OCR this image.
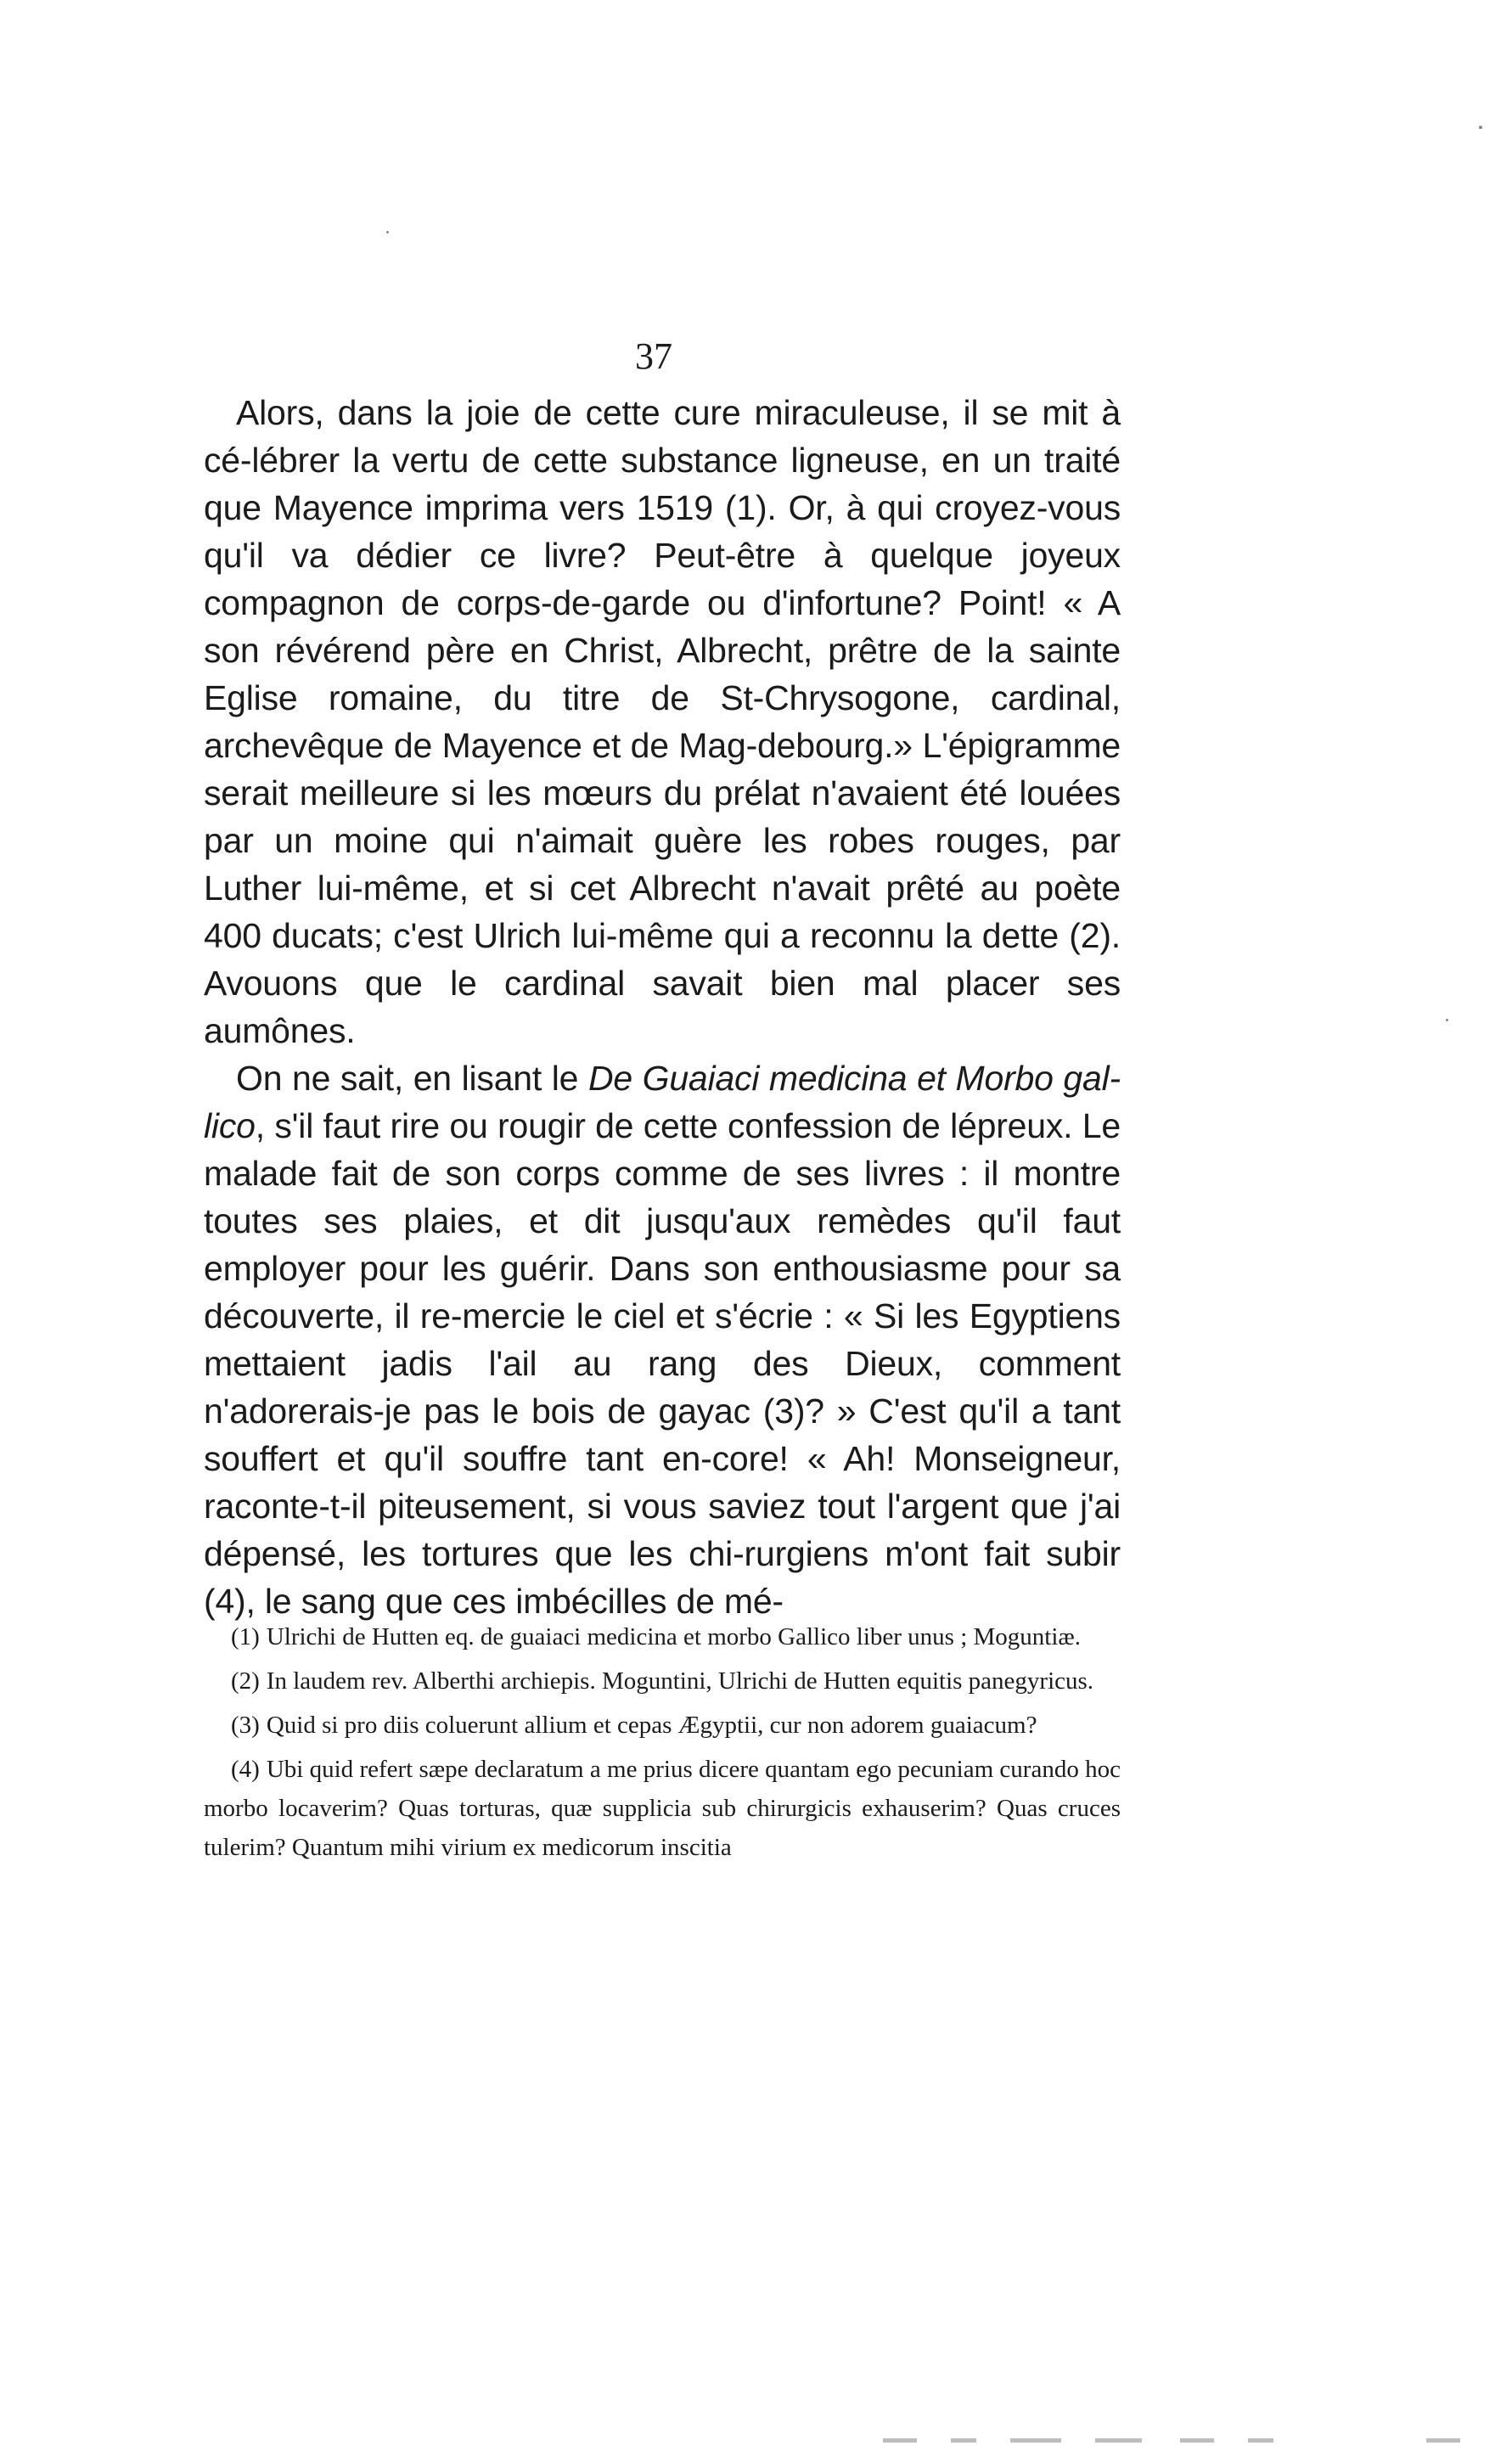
37

Alors, dans la joie de cette cure miraculeuse, il se mit à cé-lébrer la vertu de cette substance ligneuse, en un traité que Mayence imprima vers 1519 (1). Or, à qui croyez-vous qu'il va dédier ce livre? Peut-être à quelque joyeux compagnon de corps-de-garde ou d'infortune? Point! « A son révérend père en Christ, Albrecht, prêtre de la sainte Eglise romaine, du titre de St-Chrysogone, cardinal, archevêque de Mayence et de Mag-debourg.» L'épigramme serait meilleure si les mœurs du prélat n'avaient été louées par un moine qui n'aimait guère les robes rouges, par Luther lui-même, et si cet Albrecht n'avait prêté au poète 400 ducats; c'est Ulrich lui-même qui a reconnu la dette (2). Avouons que le cardinal savait bien mal placer ses aumônes.

On ne sait, en lisant le De Guaiaci medicina et Morbo gal-lico, s'il faut rire ou rougir de cette confession de lépreux. Le malade fait de son corps comme de ses livres : il montre toutes ses plaies, et dit jusqu'aux remèdes qu'il faut employer pour les guérir. Dans son enthousiasme pour sa découverte, il re-mercie le ciel et s'écrie : « Si les Egyptiens mettaient jadis l'ail au rang des Dieux, comment n'adorerais-je pas le bois de gayac (3)? » C'est qu'il a tant souffert et qu'il souffre tant en-core! « Ah! Monseigneur, raconte-t-il piteusement, si vous saviez tout l'argent que j'ai dépensé, les tortures que les chi-rurgiens m'ont fait subir (4), le sang que ces imbécilles de mé-

(1) Ulrichi de Hutten eq. de guaiaci medicina et morbo Gallico liber unus ; Moguntiæ.

(2) In laudem rev. Alberthi archiepis. Moguntini, Ulrichi de Hutten equitis panegyricus.

(3) Quid si pro diis coluerunt allium et cepas Ægyptii, cur non adorem guaiacum?

(4) Ubi quid refert sæpe declaratum a me prius dicere quantam ego pecuniam curando hoc morbo locaverim? Quas torturas, quæ supplicia sub chirurgicis exhauserim? Quas cruces tulerim? Quantum mihi virium ex medicorum inscitia
